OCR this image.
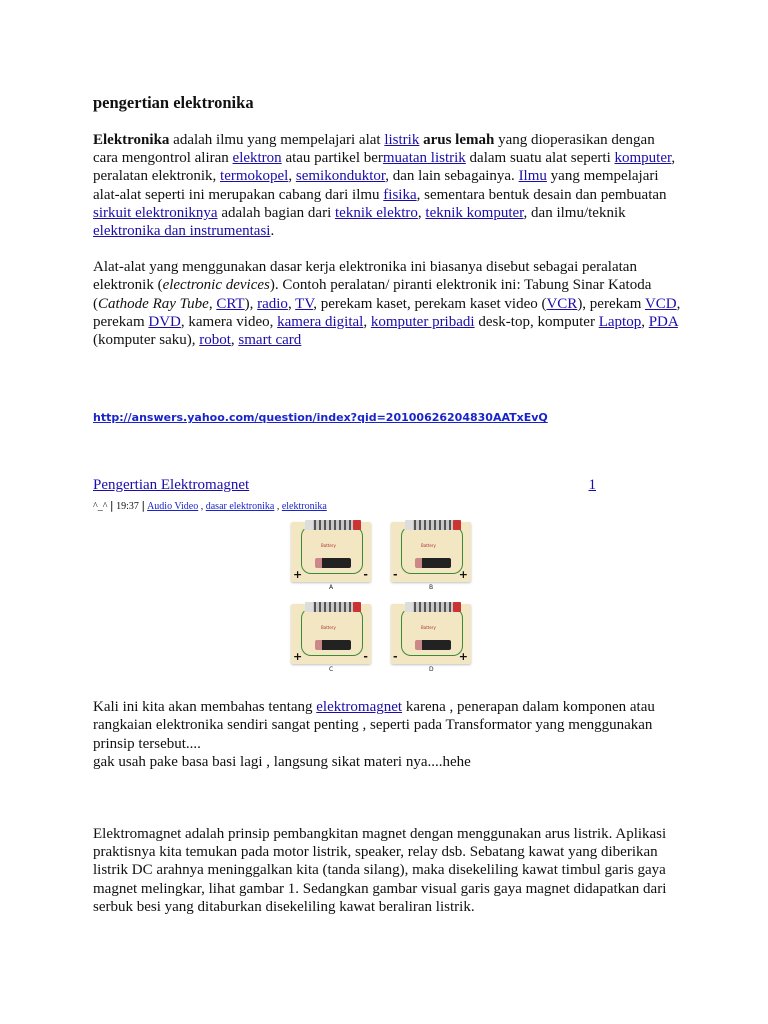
pengertian elektronika

Elektronika adalah ilmu yang mempelajari alat listrik arus lemah yang dioperasikan dengan cara mengontrol aliran elektron atau partikel bermuatan listrik dalam suatu alat seperti komputer, peralatan elektronik, termokopel, semikonduktor, dan lain sebagainya. Ilmu yang mempelajari alat-alat seperti ini merupakan cabang dari ilmu fisika, sementara bentuk desain dan pembuatan sirkuit elektroniknya adalah bagian dari teknik elektro, teknik komputer, dan ilmu/teknik elektronika dan instrumentasi.

Alat-alat yang menggunakan dasar kerja elektronika ini biasanya disebut sebagai peralatan elektronik (electronic devices). Contoh peralatan/ piranti elektronik ini: Tabung Sinar Katoda (Cathode Ray Tube, CRT), radio, TV, perekam kaset, perekam kaset video (VCR), perekam VCD, perekam DVD, kamera video, kamera digital, komputer pribadi desk-top, komputer Laptop, PDA (komputer saku), robot, smart card

http://answers.yahoo.com/question/index?qid=20100626204830AATxEvQ
Pengertian Elektromagnet	1
^_^ | 19:37 | Audio Video , dasar elektronika , elektronika
Battery
+	-
A
Battery
-	+
B
Battery
+	-
C
Battery
-	+
D

Kali ini kita akan membahas tentang elektromagnet karena , penerapan dalam komponen atau rangkaian elektronika sendiri sangat penting , seperti pada Transformator yang menggunakan prinsip tersebut....
gak usah pake basa basi lagi , langsung sikat materi nya....hehe

Elektromagnet adalah prinsip pembangkitan magnet dengan menggunakan arus listrik. Aplikasi praktisnya kita temukan pada motor listrik, speaker, relay dsb. Sebatang kawat yang diberikan listrik DC arahnya meninggalkan kita (tanda silang), maka disekeliling kawat timbul garis gaya magnet melingkar, lihat gambar 1. Sedangkan gambar visual garis gaya magnet didapatkan dari serbuk besi yang ditaburkan disekeliling kawat beraliran listrik.
